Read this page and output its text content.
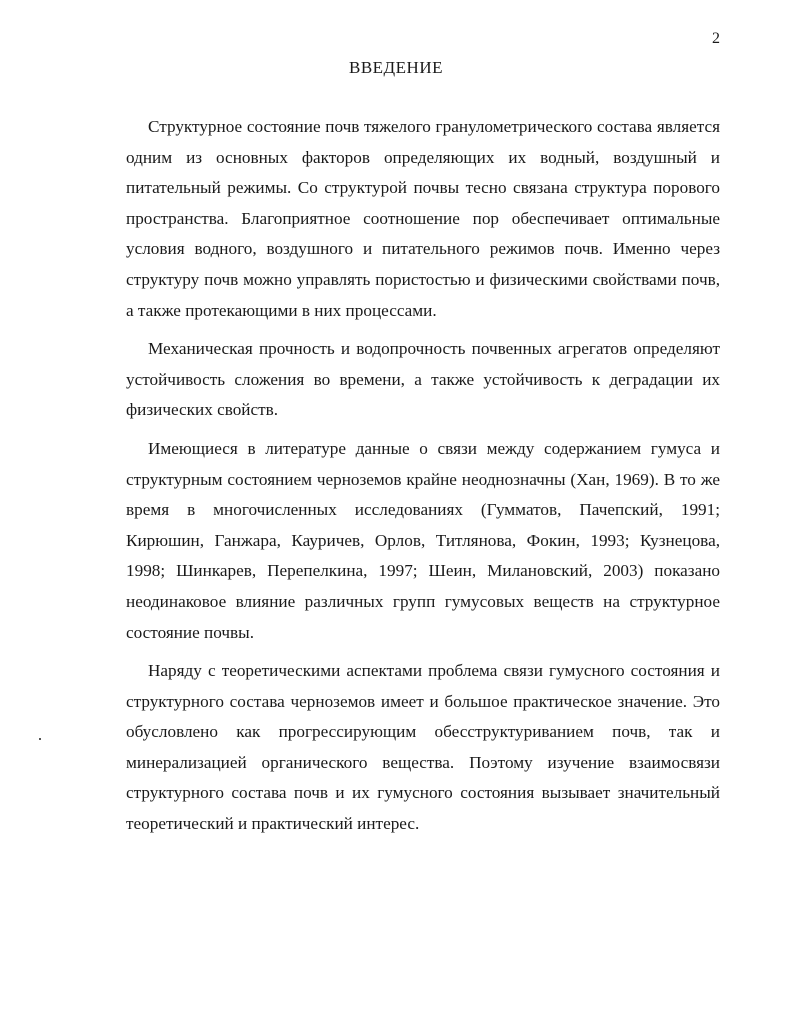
2
ВВЕДЕНИЕ

Структурное состояние почв тяжелого гранулометрического состава является одним из основных факторов определяющих их водный, воздушный и питательный режимы. Со структурой почвы тесно связана структура порового пространства. Благоприятное соотношение пор обеспечивает оптимальные условия водного, воздушного и питательного режимов почв. Именно через структуру почв можно управлять пористостью и физическими свойствами почв, а также протекающими в них процессами.

Механическая прочность и водопрочность почвенных агрегатов определяют устойчивость сложения во времени, а также устойчивость к деградации их физических свойств.

Имеющиеся в литературе данные о связи между содержанием гумуса и структурным состоянием черноземов крайне неоднозначны (Хан, 1969). В то же время в многочисленных исследованиях (Гумматов, Пачепский, 1991; Кирюшин, Ганжара, Кауричев, Орлов, Титлянова, Фокин, 1993; Кузнецова, 1998; Шинкарев, Перепелкина, 1997; Шеин, Милановский, 2003) показано неодинаковое влияние различных групп гумусовых веществ на структурное состояние почвы.

Наряду с теоретическими аспектами проблема связи гумусного состояния и структурного состава черноземов имеет и большое практическое значение. Это обусловлено как прогрессирующим обесструктуриванием почв, так и минерализацией органического вещества. Поэтому изучение взаимосвязи структурного состава почв и их гумусного состояния вызывает значительный теоретический и практический интерес.
